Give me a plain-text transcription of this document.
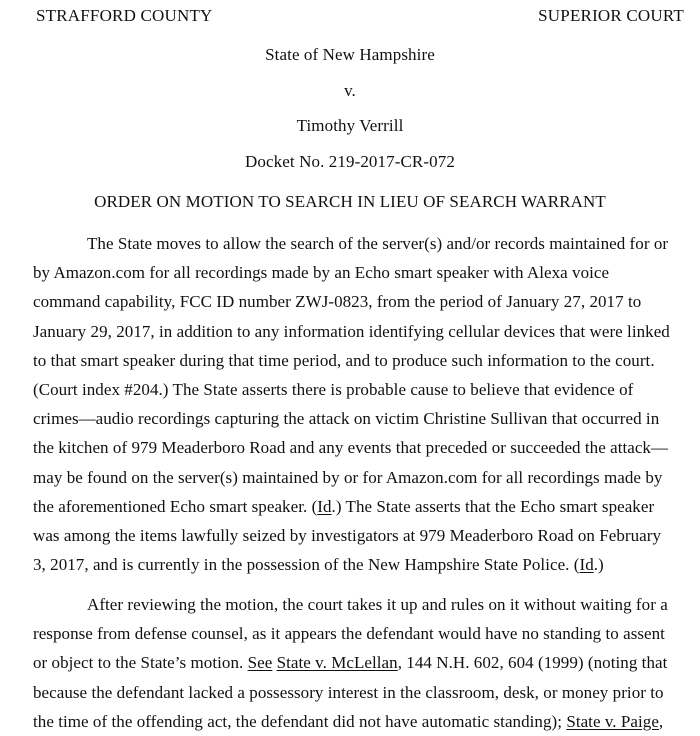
STRAFFORD COUNTY	SUPERIOR COURT
State of New Hampshire
v.
Timothy Verrill
Docket No. 219-2017-CR-072
ORDER ON MOTION TO SEARCH IN LIEU OF SEARCH WARRANT
The State moves to allow the search of the server(s) and/or records maintained for or
by Amazon.com for all recordings made by an Echo smart speaker with Alexa voice
command capability, FCC ID number ZWJ-0823, from the period of January 27, 2017 to
January 29, 2017, in addition to any information identifying cellular devices that were linked
to that smart speaker during that time period, and to produce such information to the court.
(Court index #204.) The State asserts there is probable cause to believe that evidence of
crimes—audio recordings capturing the attack on victim Christine Sullivan that occurred in
the kitchen of 979 Meaderboro Road and any events that preceded or succeeded the attack—
may be found on the server(s) maintained by or for Amazon.com for all recordings made by
the aforementioned Echo smart speaker. (Id.) The State asserts that the Echo smart speaker
was among the items lawfully seized by investigators at 979 Meaderboro Road on February
3, 2017, and is currently in the possession of the New Hampshire State Police. (Id.)
After reviewing the motion, the court takes it up and rules on it without waiting for a
response from defense counsel, as it appears the defendant would have no standing to assent
or object to the State’s motion. See State v. McLellan, 144 N.H. 602, 604 (1999) (noting that
because the defendant lacked a possessory interest in the classroom, desk, or money prior to
the time of the offending act, the defendant did not have automatic standing); State v. Paige,
